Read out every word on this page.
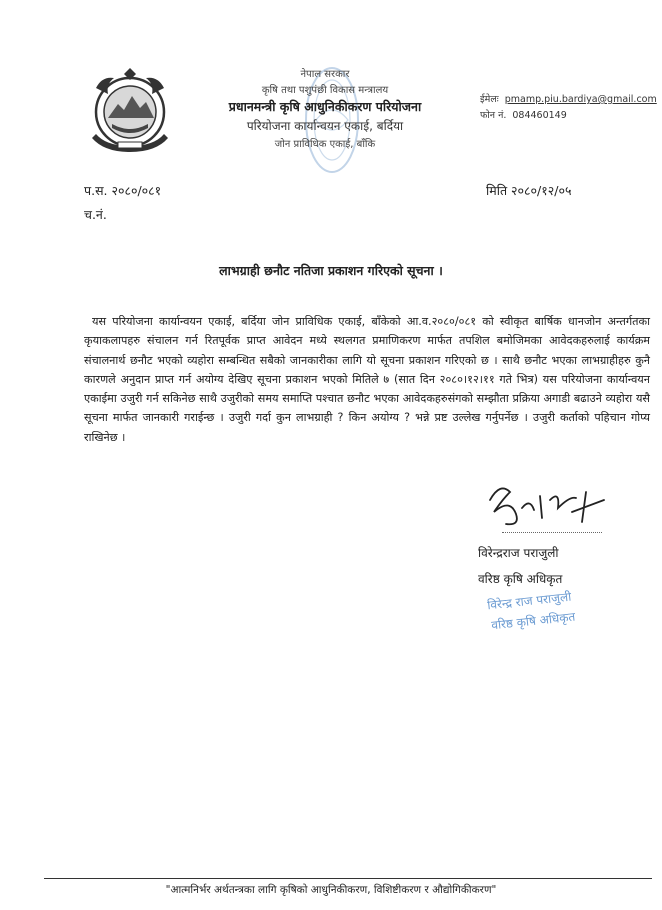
नेपाल सरकार
कृषि तथा पशुपंछी विकास मन्त्रालय
प्रधानमन्त्री कृषि आधुनिकीकरण परियोजना
परियोजना कार्यान्वयन एकाई, बर्दिया
जोन प्राविधिक एकाई, बाँकि
ईमेलः pmamp.piu.bardiya@gmail.com
फोन नं. 084460149
प.स. २०८०/०८१
च.नं.
मिति २०८०/१२/०५
लाभग्राही छनौट नतिजा प्रकाशन गरिएको सूचना ।
यस परियोजना कार्यान्वयन एकाई, बर्दिया जोन प्राविधिक एकाई, बाँकेको आ.व.२०८०/०८१ को स्वीकृत बार्षिक धानजोन अन्तर्गतका कृयाकलापहरु संचालन गर्न रितपूर्वक प्राप्त आवेदन मध्ये स्थलगत प्रमाणिकरण मार्फत तपशिल बमोजिमका आवेदकहरुलाई कार्यक्रम संचालनार्थ छनौट भएको व्यहोरा सम्बन्धित सबैको जानकारीका लागि यो सूचना प्रकाशन गरिएको छ । साथै छनौट भएका लाभग्राहीहरु कुनै कारणले अनुदान प्राप्त गर्न अयोग्य देखिए सूचना प्रकाशन भएको मितिले ७ (सात दिन २०८०।१२।११ गते भित्र) यस परियोजना कार्यान्वयन एकाईमा उजुरी गर्न सकिनेछ साथै उजुरीको समय समाप्ति पश्चात छनौट भएका आवेदकहरुसंगको सम्झौता प्रक्रिया अगाडी बढाउने व्यहोरा यसै सूचना मार्फत जानकारी गराईन्छ । उजुरी गर्दा कुन लाभग्राही ? किन अयोग्य ? भन्ने प्रष्ट उल्लेख गर्नुपर्नेछ । उजुरी कर्ताको पहिचान गोप्य राखिनेछ ।
विरेन्द्रराज पराजुली
वरिष्ठ कृषि अधिकृत
विरेन्द्र राज पराजुली
वरिष्ठ कृषि अधिकृत
"आत्मनिर्भर अर्थतन्त्रका लागि कृषिको आधुनिकीकरण, विशिष्टीकरण र औद्योगिकीकरण"
